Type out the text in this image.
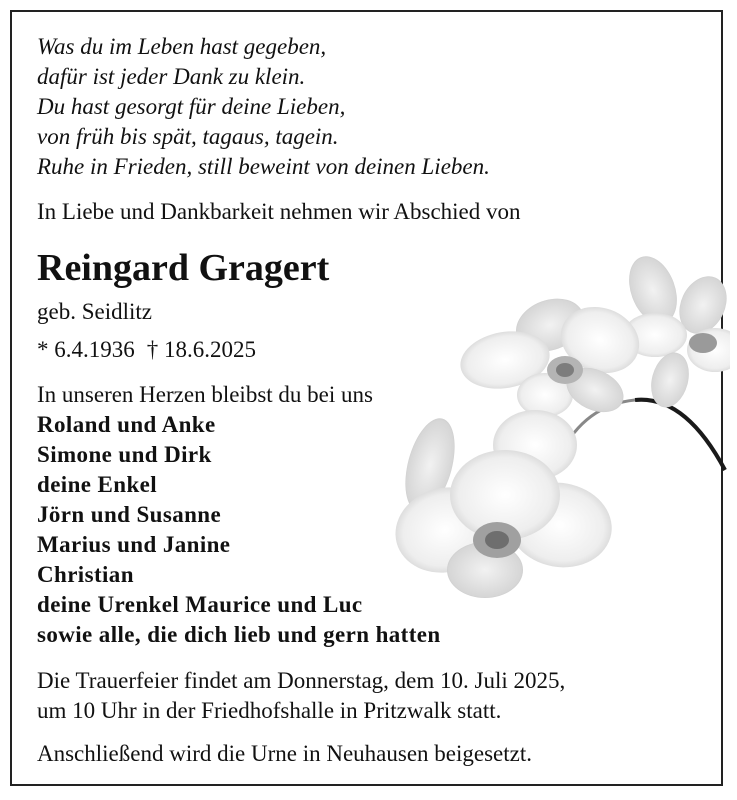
Was du im Leben hast gegeben,
dafür ist jeder Dank zu klein.
Du hast gesorgt für deine Lieben,
von früh bis spät, tagaus, tagein.
Ruhe in Frieden, still beweint von deinen Lieben.
In Liebe und Dankbarkeit nehmen wir Abschied von
Reingard Gragert
geb. Seidlitz
* 6.4.1936 † 18.6.2025
In unseren Herzen bleibst du bei uns
Roland und Anke
Simone und Dirk
deine Enkel
Jörn und Susanne
Marius und Janine
Christian
deine Urenkel Maurice und Luc
sowie alle, die dich lieb und gern hatten
Die Trauerfeier findet am Donnerstag, dem 10. Juli 2025,
um 10 Uhr in der Friedhofshalle in Pritzwalk statt.
Anschließend wird die Urne in Neuhausen beigesetzt.
